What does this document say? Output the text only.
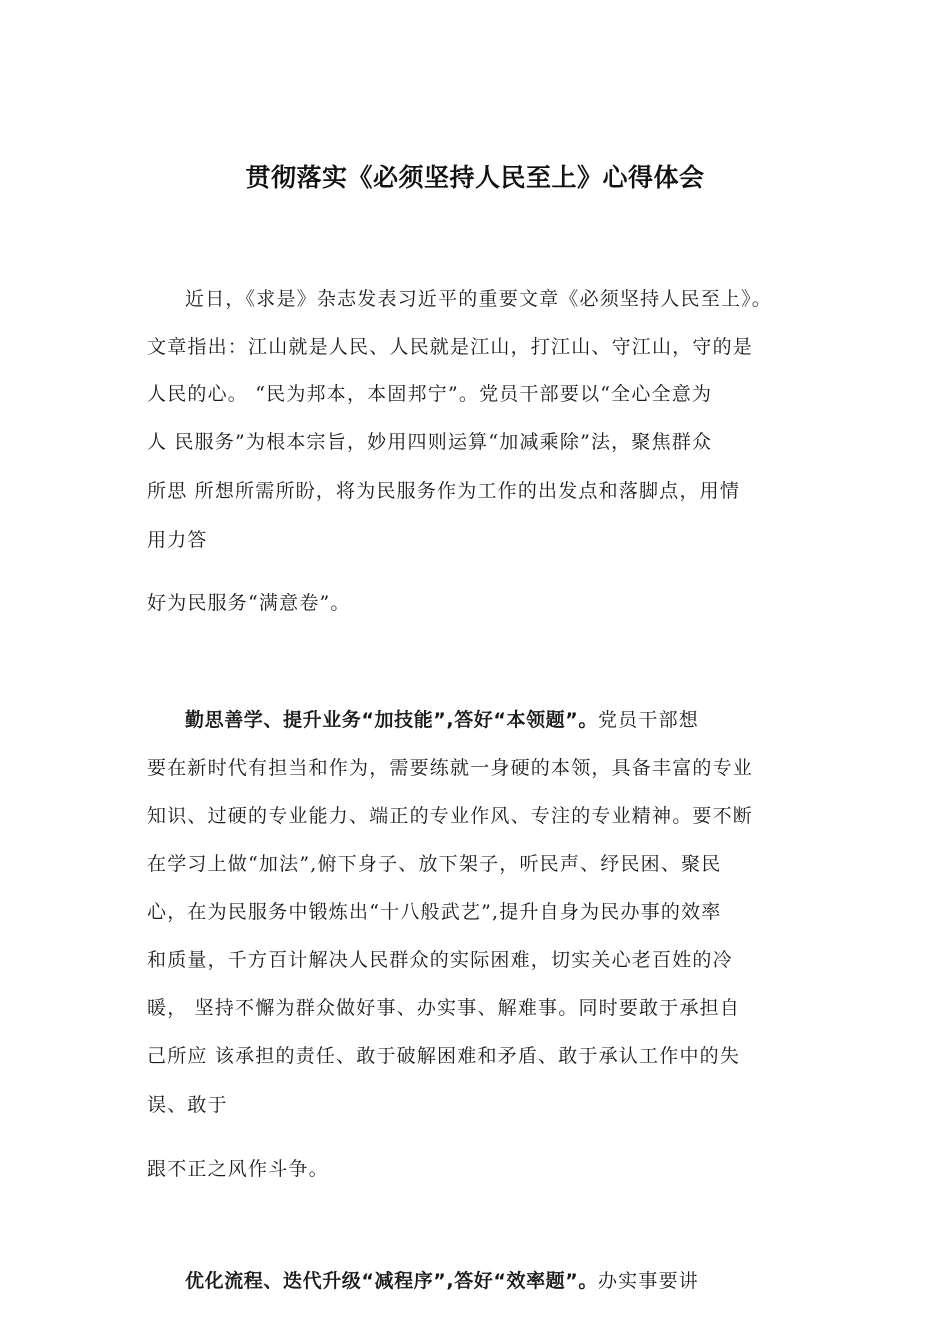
贯彻落实《必须坚持人民至上》心得体会
近日，《求是》杂志发表习近平的重要文章《必须坚持人民至上》。
文章指出：江山就是人民、人民就是江山，打江山、守江山，守的是
人民的心。 “民为邦本，本固邦宁”。党员干部要以“全心全意为
人 民服务”为根本宗旨，妙用四则运算“加减乘除”法，聚焦群众
所思 所想所需所盼，将为民服务作为工作的出发点和落脚点，用情
用力答
好为民服务“满意卷”。
勤思善学、提升业务“加技能”,答好“本领题”。党员干部想
要在新时代有担当和作为，需要练就一身硬的本领，具备丰富的专业
知识、过硬的专业能力、端正的专业作风、专注的专业精神。要不断
在学习上做“加法”,俯下身子、放下架子，听民声、纾民困、聚民
心，在为民服务中锻炼出“十八般武艺”,提升自身为民办事的效率
和质量，千方百计解决人民群众的实际困难，切实关心老百姓的冷
暖， 坚持不懈为群众做好事、办实事、解难事。同时要敢于承担自
己所应 该承担的责任、敢于破解困难和矛盾、敢于承认工作中的失
误、敢于
跟不正之风作斗争。
优化流程、迭代升级“减程序”,答好“效率题”。办实事要讲
